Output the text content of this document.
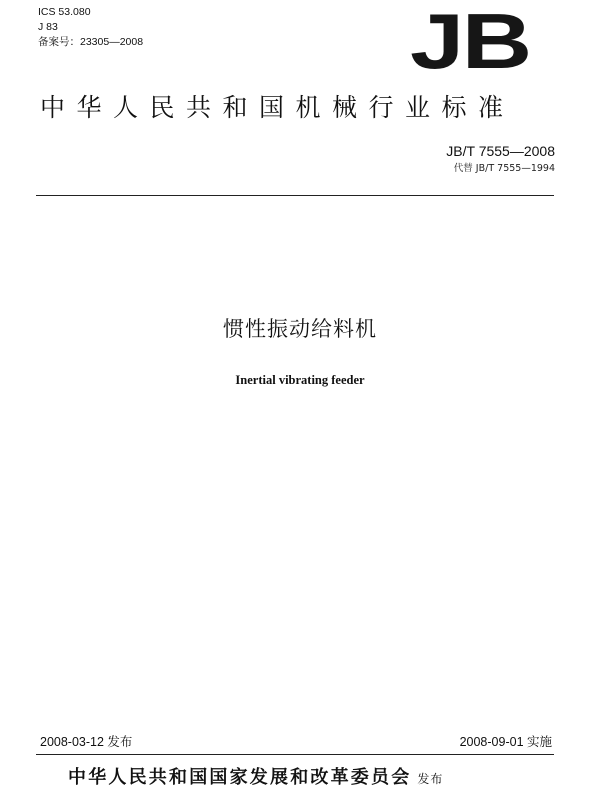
ICS 53.080
J 83
备案号：23305—2008	JB
中华人民共和国机械行业标准
JB/T 7555—2008
代替 JB/T 7555—1994
惯性振动给料机
Inertial vibrating feeder
2008-03-12 发布	2008-09-01 实施
中华人民共和国国家发展和改革委员会 发布
